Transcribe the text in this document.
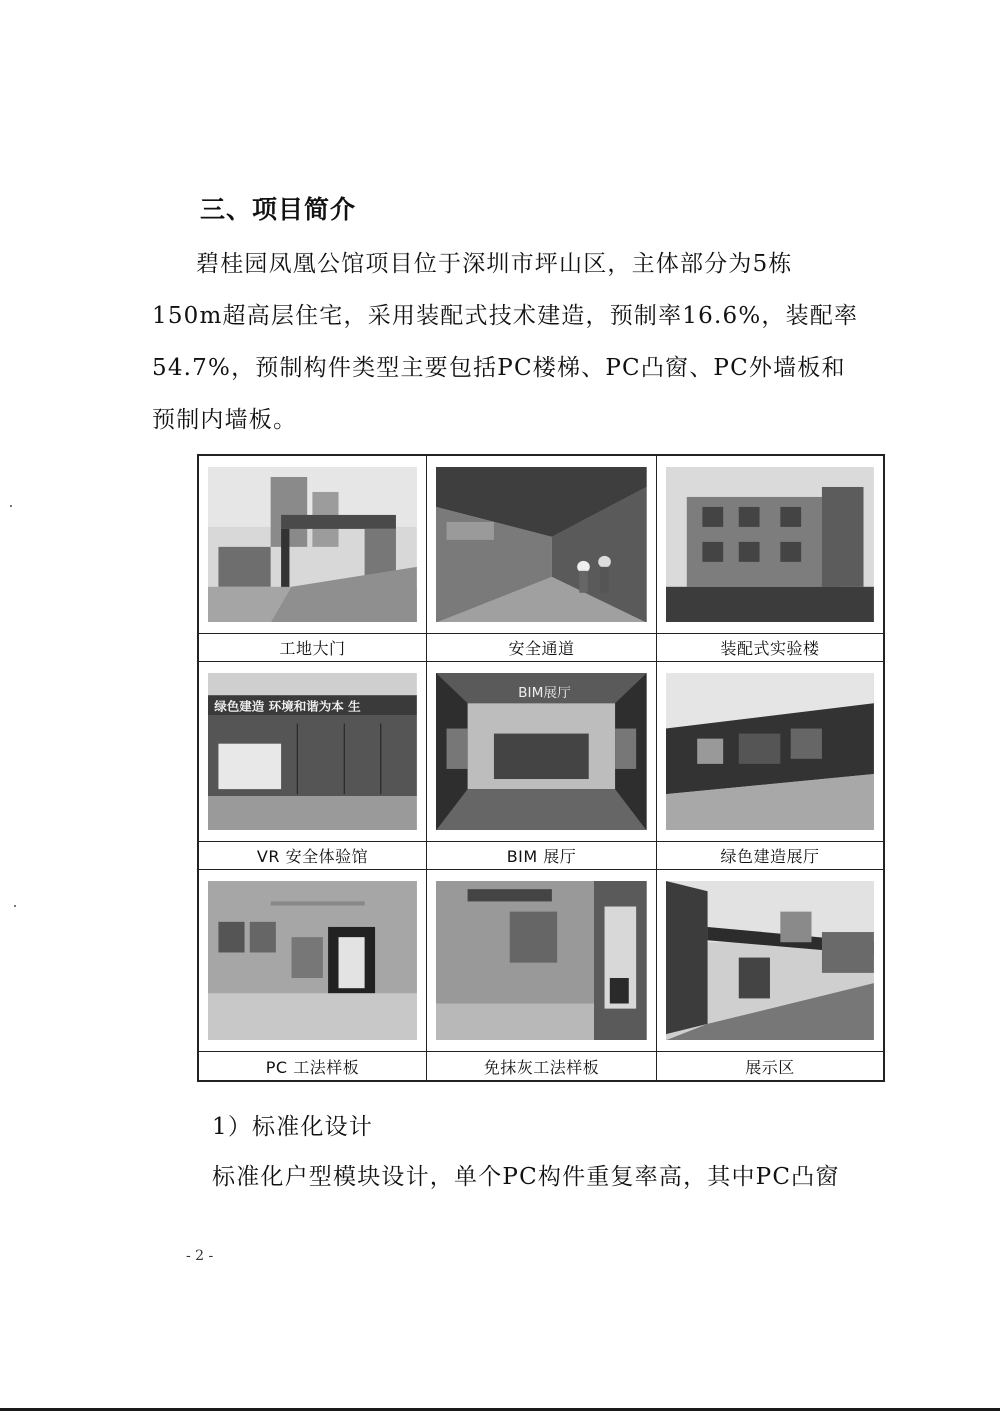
三、项目简介

碧桂园凤凰公馆项目位于深圳市坪山区，主体部分为5栋

150m超高层住宅，采用装配式技术建造，预制率16.6%，装配率

54.7%，预制构件类型主要包括PC楼梯、PC凸窗、PC外墙板和

预制内墙板。

工地大门	安全通道	装配式实验楼
绿色建造 环境和谐为本 生
BIM展厅
VR 安全体验馆	BIM 展厅	绿色建造展厅
PC 工法样板	免抹灰工法样板	展示区
1）标准化设计
标准化户型模块设计，单个PC构件重复率高，其中PC凸窗
- 2 -
